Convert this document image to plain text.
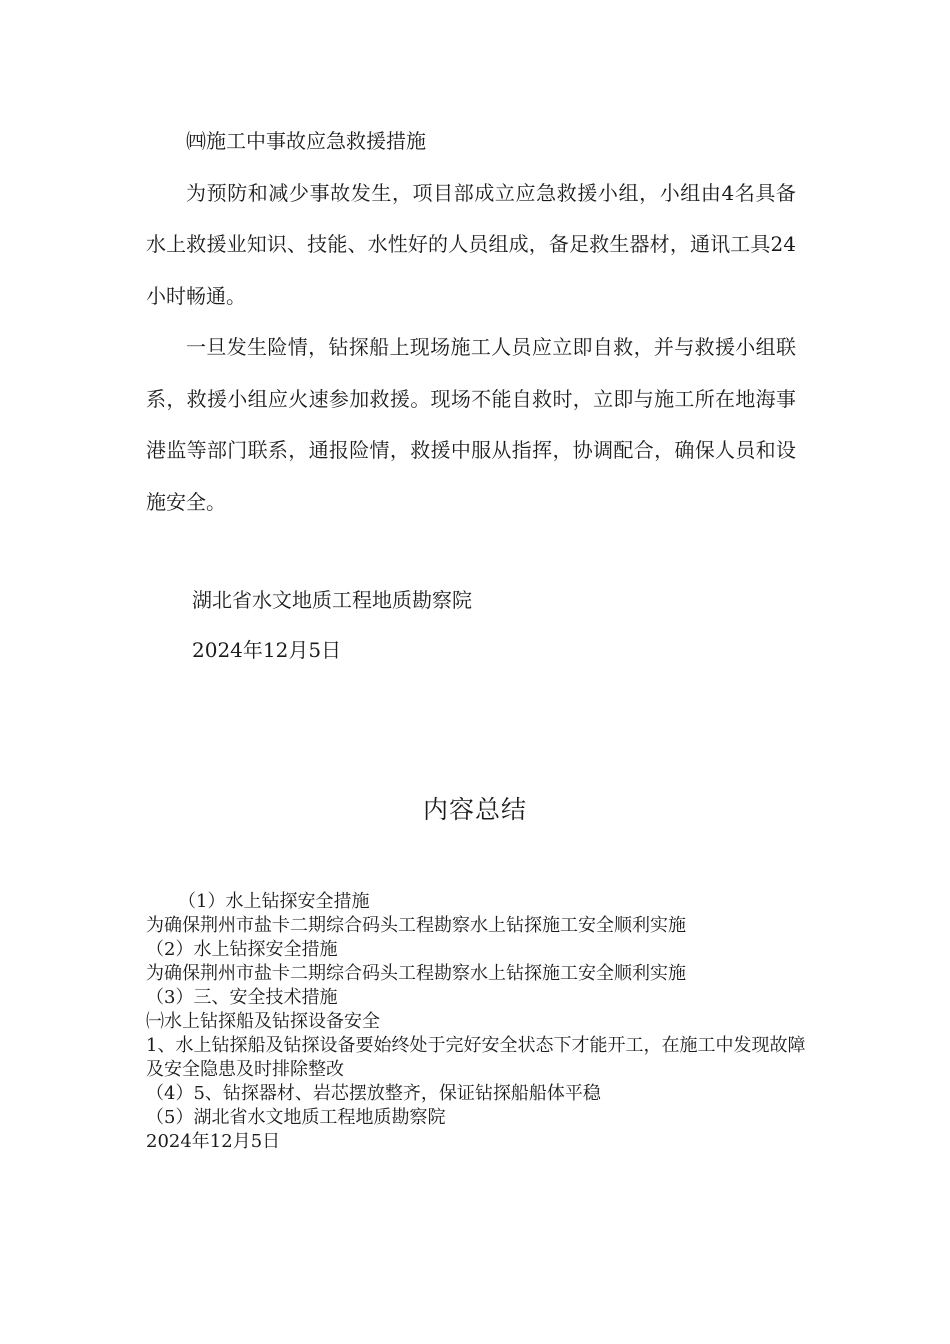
㈣施工中事故应急救援措施

为预防和减少事故发生，项目部成立应急救援小组，小组由4名具备水上救援业知识、技能、水性好的人员组成，备足救生器材，通讯工具24小时畅通。

一旦发生险情，钻探船上现场施工人员应立即自救，并与救援小组联系，救援小组应火速参加救援。现场不能自救时，立即与施工所在地海事港监等部门联系，通报险情，救援中服从指挥，协调配合，确保人员和设施安全。

湖北省水文地质工程地质勘察院
2024年12月5日
内容总结
（1）水上钻探安全措施
为确保荆州市盐卡二期综合码头工程勘察水上钻探施工安全顺利实施
（2）水上钻探安全措施
为确保荆州市盐卡二期综合码头工程勘察水上钻探施工安全顺利实施
（3）三、安全技术措施
㈠水上钻探船及钻探设备安全
1、水上钻探船及钻探设备要始终处于完好安全状态下才能开工，在施工中发现故障及安全隐患及时排除整改
（4）5、钻探器材、岩芯摆放整齐，保证钻探船船体平稳
（5）湖北省水文地质工程地质勘察院
2024年12月5日
